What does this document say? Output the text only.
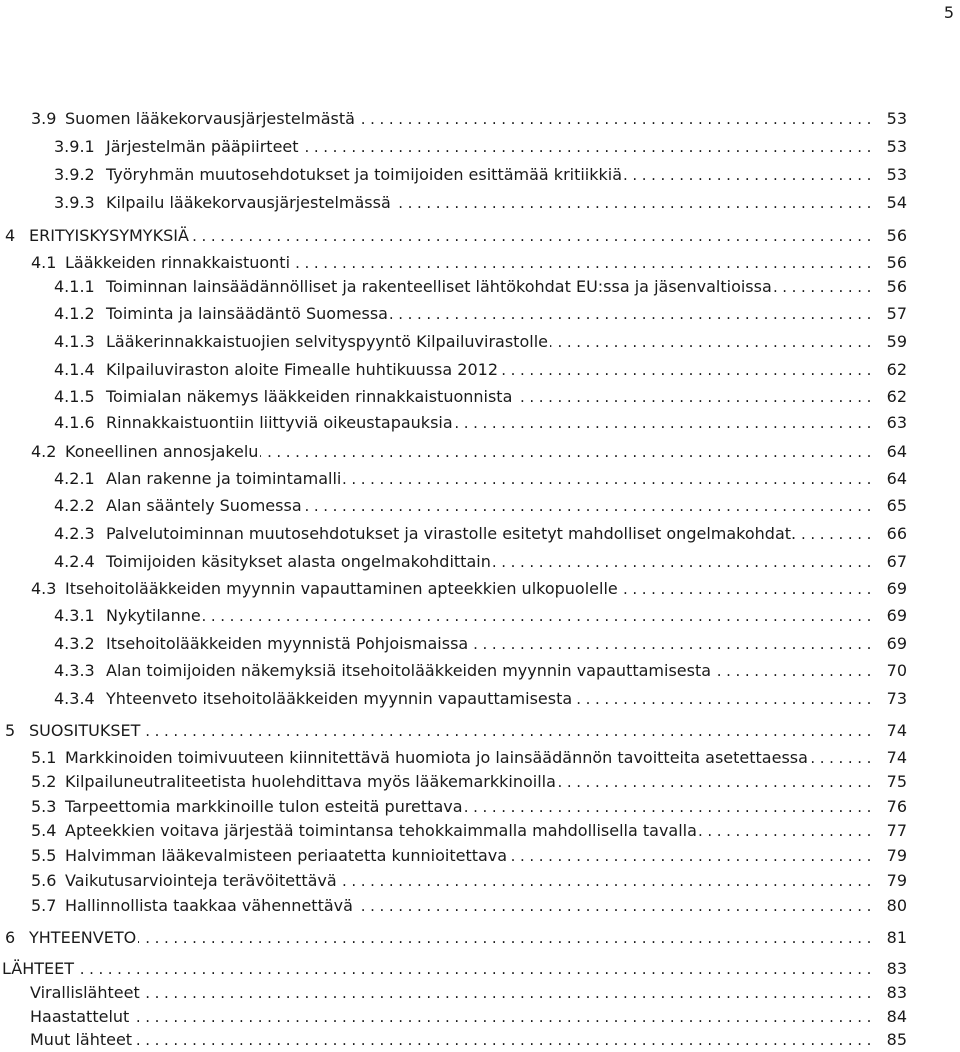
5
3.9 Suomen lääkekorvausjärjestelmästä .....	53
3.9.1 Järjestelmän pääpiirteet .....	53
3.9.2 Työryhmän muutosehdotukset ja toimijoiden esittämää kritiikkiä .....	53
3.9.3 Kilpailu lääkekorvausjärjestelmässä .....	54
4 ERITYISKYSYMYKSIÄ .....	56
4.1 Lääkkeiden rinnakkaistuonti .....	56
4.1.1 Toiminnan lainsäädännölliset ja rakenteelliset lähtökohdat EU:ssa ja jäsenvaltioissa .....	56
4.1.2 Toiminta ja lainsäädäntö Suomessa .....	57
4.1.3 Lääkerinnakkaistuojien selvityspyyntö Kilpailuvirastolle .....	59
4.1.4 Kilpailuviraston aloite Fimealle huhtikuussa 2012 .....	62
4.1.5 Toimialan näkemys lääkkeiden rinnakkaistuonnista .....	62
4.1.6 Rinnakkaistuontiin liittyviä oikeustapauksia .....	63
4.2 Koneellinen annosjakelu .....	64
4.2.1 Alan rakenne ja toimintamalli .....	64
4.2.2 Alan sääntely Suomessa .....	65
4.2.3 Palvelutoiminnan muutosehdotukset ja virastolle esitetyt mahdolliset ongelmakohdat. .....	66
4.2.4 Toimijoiden käsitykset alasta ongelmakohdittain .....	67
4.3 Itsehoitolääkkeiden myynnin vapauttaminen apteekkien ulkopuolelle .....	69
4.3.1 Nykytilanne .....	69
4.3.2 Itsehoitolääkkeiden myynnistä Pohjoismaissa .....	69
4.3.3 Alan toimijoiden näkemyksiä itsehoitolääkkeiden myynnin vapauttamisesta .....	70
4.3.4 Yhteenveto itsehoitolääkkeiden myynnin vapauttamisesta .....	73
5 SUOSITUKSET .....	74
5.1 Markkinoiden toimivuuteen kiinnitettävä huomiota jo lainsäädännön tavoitteita asetettaessa .....	74
5.2 Kilpailuneutraliteetista huolehdittava myös lääkemarkkinoilla .....	75
5.3 Tarpeettomia markkinoille tulon esteitä purettava .....	76
5.4 Apteekkien voitava järjestää toimintansa tehokkaimmalla mahdollisella tavalla .....	77
5.5 Halvimman lääkevalmisteen periaatetta kunnioitettava .....	79
5.6 Vaikutusarviointeja terävöitettävä .....	79
5.7 Hallinnollista taakkaa vähennettävä .....	80
6 YHTEENVETO .....	81
LÄHTEET .....	83
Virallislähteet .....	83
Haastattelut .....	84
Muut lähteet .....	85
